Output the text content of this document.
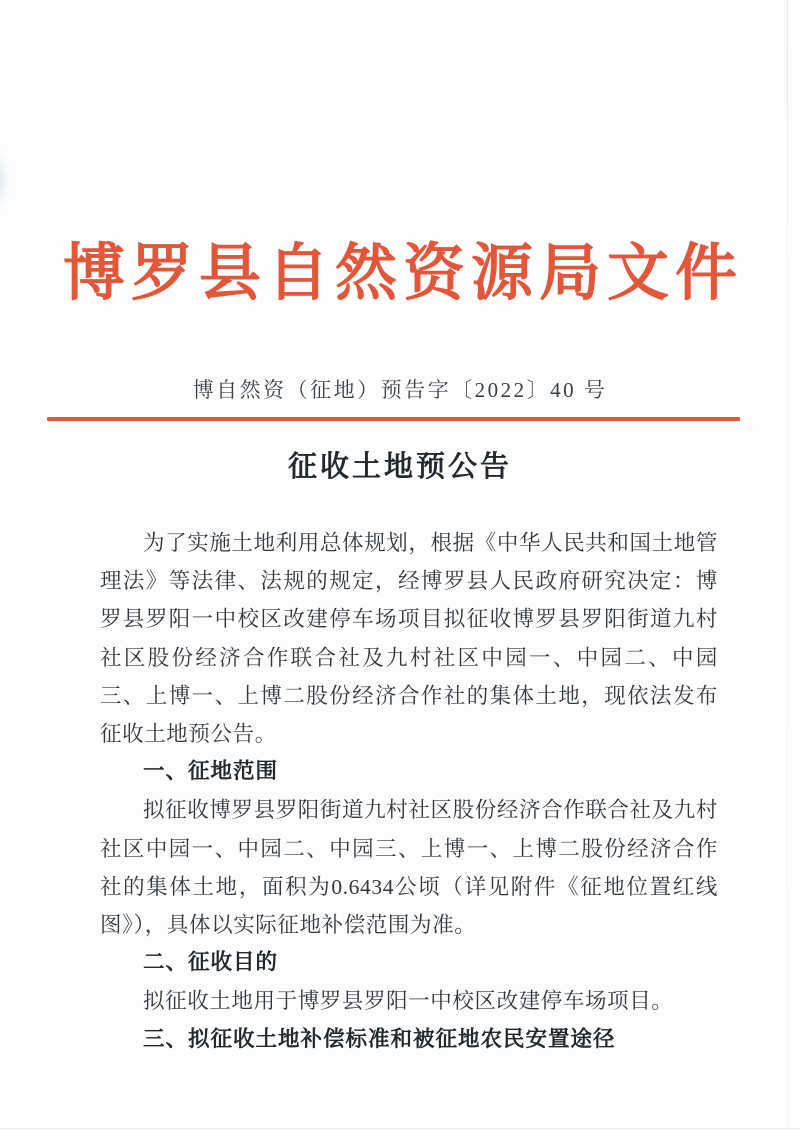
博罗县自然资源局文件
博自然资（征地）预告字〔2022〕40 号
征收土地预公告

为了实施土地利用总体规划，根据《中华人民共和国土地管理法》等法律、法规的规定，经博罗县人民政府研究决定：博罗县罗阳一中校区改建停车场项目拟征收博罗县罗阳街道九村社区股份经济合作联合社及九村社区中园一、中园二、中园三、上博一、上博二股份经济合作社的集体土地，现依法发布征收土地预公告。

一、征地范围

拟征收博罗县罗阳街道九村社区股份经济合作联合社及九村社区中园一、中园二、中园三、上博一、上博二股份经济合作社的集体土地，面积为0.6434公顷（详见附件《征地位置红线图》），具体以实际征地补偿范围为准。

二、征收目的

拟征收土地用于博罗县罗阳一中校区改建停车场项目。

三、拟征收土地补偿标准和被征地农民安置途径
